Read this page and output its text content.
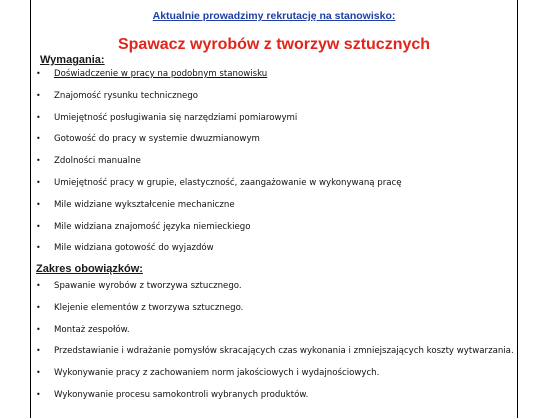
Aktualnie prowadzimy rekrutację na stanowisko:
Spawacz wyrobów z tworzyw sztucznych
Wymagania:
• Doświadczenie w pracy na podobnym stanowisku
• Znajomość rysunku technicznego
• Umiejętność posługiwania się narzędziami pomiarowymi
• Gotowość do pracy w systemie dwuzmianowym
• Zdolności manualne
• Umiejętność pracy w grupie, elastyczność, zaangażowanie w wykonywaną pracę
• Mile widziane wykształcenie mechaniczne
• Mile widziana znajomość języka niemieckiego
• Mile widziana gotowość do wyjazdów
Zakres obowiązków:
• Spawanie wyrobów z tworzywa sztucznego.
• Klejenie elementów z tworzywa sztucznego.
• Montaż zespołów.
• Przedstawianie i wdrażanie pomysłów skracających czas wykonania i zmniejszających koszty wytwarzania.
• Wykonywanie pracy z zachowaniem norm jakościowych i wydajnościowych.
• Wykonywanie procesu samokontroli wybranych produktów.
